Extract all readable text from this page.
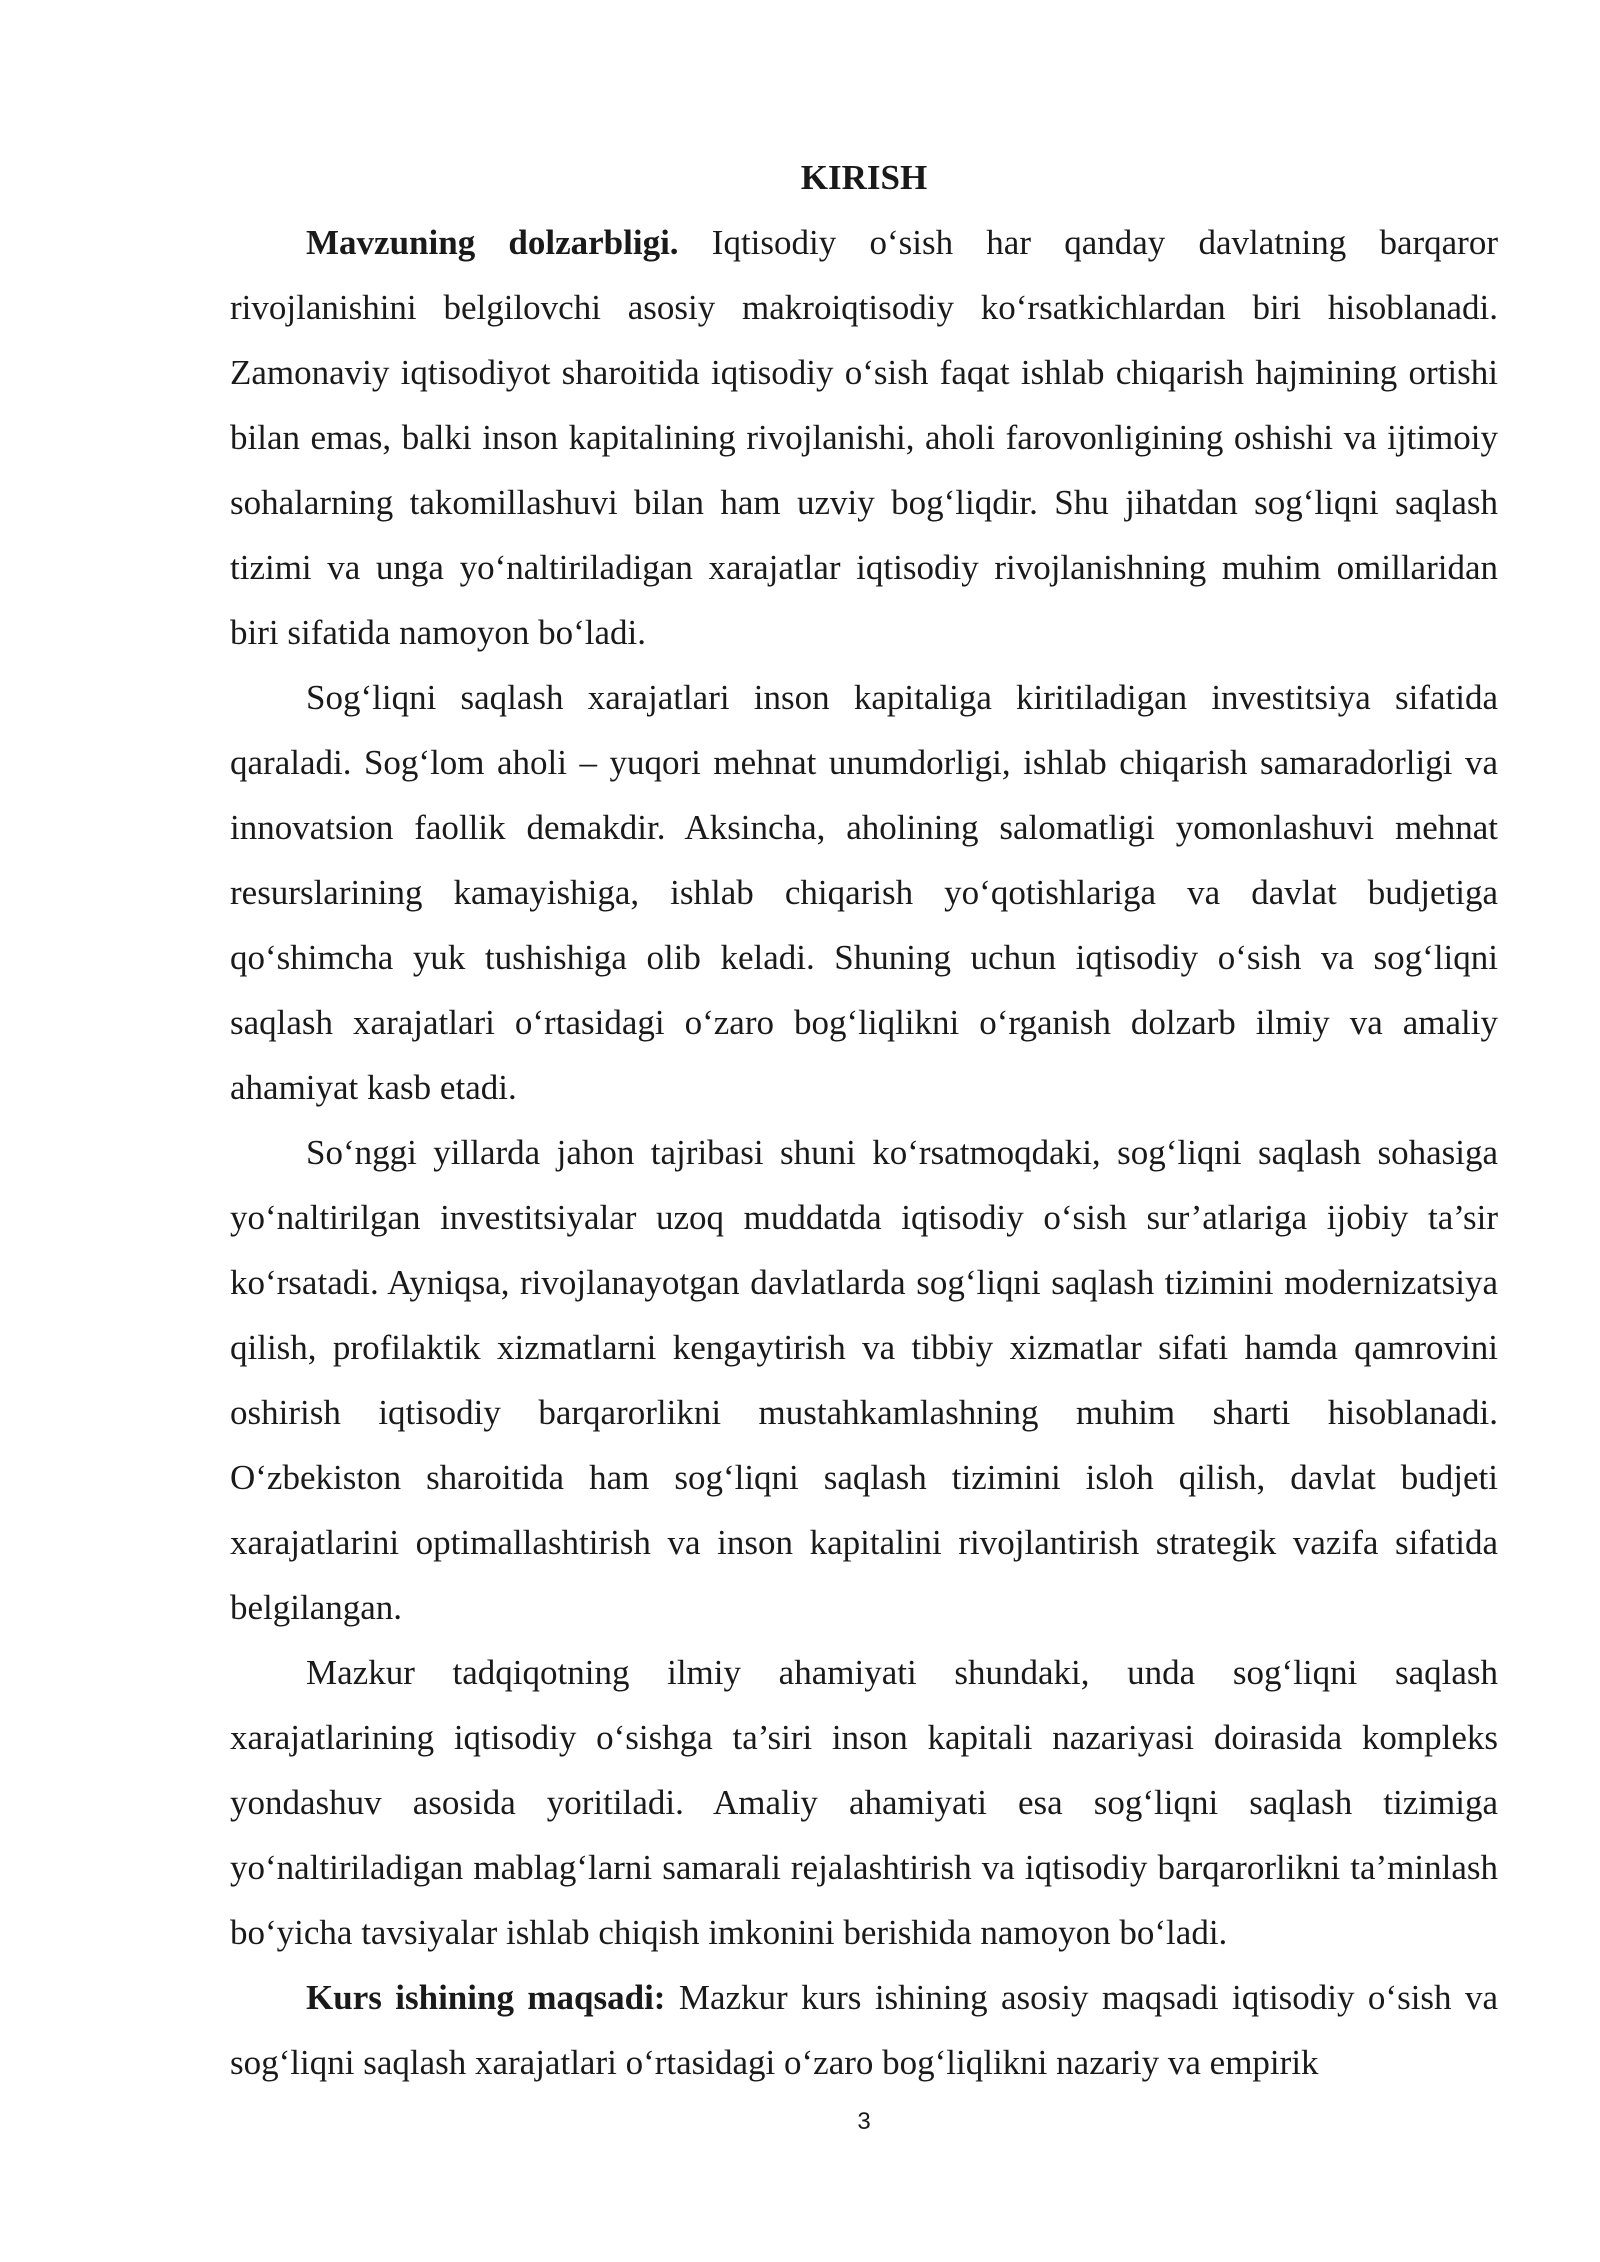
KIRISH

Mavzuning dolzarbligi. Iqtisodiy o‘sish har qanday davlatning barqaror rivojlanishini belgilovchi asosiy makroiqtisodiy ko‘rsatkichlardan biri hisoblanadi. Zamonaviy iqtisodiyot sharoitida iqtisodiy o‘sish faqat ishlab chiqarish hajmining ortishi bilan emas, balki inson kapitalining rivojlanishi, aholi farovonligining oshishi va ijtimoiy sohalarning takomillashuvi bilan ham uzviy bog‘liqdir. Shu jihatdan sog‘liqni saqlash tizimi va unga yo‘naltiriladigan xarajatlar iqtisodiy rivojlanishning muhim omillaridan biri sifatida namoyon bo‘ladi.

Sog‘liqni saqlash xarajatlari inson kapitaliga kiritiladigan investitsiya sifatida qaraladi. Sog‘lom aholi – yuqori mehnat unumdorligi, ishlab chiqarish samaradorligi va innovatsion faollik demakdir. Aksincha, aholining salomatligi yomonlashuvi mehnat resurslarining kamayishiga, ishlab chiqarish yo‘qotishlariga va davlat budjetiga qo‘shimcha yuk tushishiga olib keladi. Shuning uchun iqtisodiy o‘sish va sog‘liqni saqlash xarajatlari o‘rtasidagi o‘zaro bog‘liqlikni o‘rganish dolzarb ilmiy va amaliy ahamiyat kasb etadi.

So‘nggi yillarda jahon tajribasi shuni ko‘rsatmoqdaki, sog‘liqni saqlash sohasiga yo‘naltirilgan investitsiyalar uzoq muddatda iqtisodiy o‘sish sur’atlariga ijobiy ta’sir ko‘rsatadi. Ayniqsa, rivojlanayotgan davlatlarda sog‘liqni saqlash tizimini modernizatsiya qilish, profilaktik xizmatlarni kengaytirish va tibbiy xizmatlar sifati hamda qamrovini oshirish iqtisodiy barqarorlikni mustahkamlashning muhim sharti hisoblanadi. O‘zbekiston sharoitida ham sog‘liqni saqlash tizimini isloh qilish, davlat budjeti xarajatlarini optimallashtirish va inson kapitalini rivojlantirish strategik vazifa sifatida belgilangan.

Mazkur tadqiqotning ilmiy ahamiyati shundaki, unda sog‘liqni saqlash xarajatlarining iqtisodiy o‘sishga ta’siri inson kapitali nazariyasi doirasida kompleks yondashuv asosida yoritiladi. Amaliy ahamiyati esa sog‘liqni saqlash tizimiga yo‘naltiriladigan mablag‘larni samarali rejalashtirish va iqtisodiy barqarorlikni ta’minlash bo‘yicha tavsiyalar ishlab chiqish imkonini berishida namoyon bo‘ladi.

Kurs ishining maqsadi: Mazkur kurs ishining asosiy maqsadi iqtisodiy o‘sish va sog‘liqni saqlash xarajatlari o‘rtasidagi o‘zaro bog‘liqlikni nazariy va empirik

3
